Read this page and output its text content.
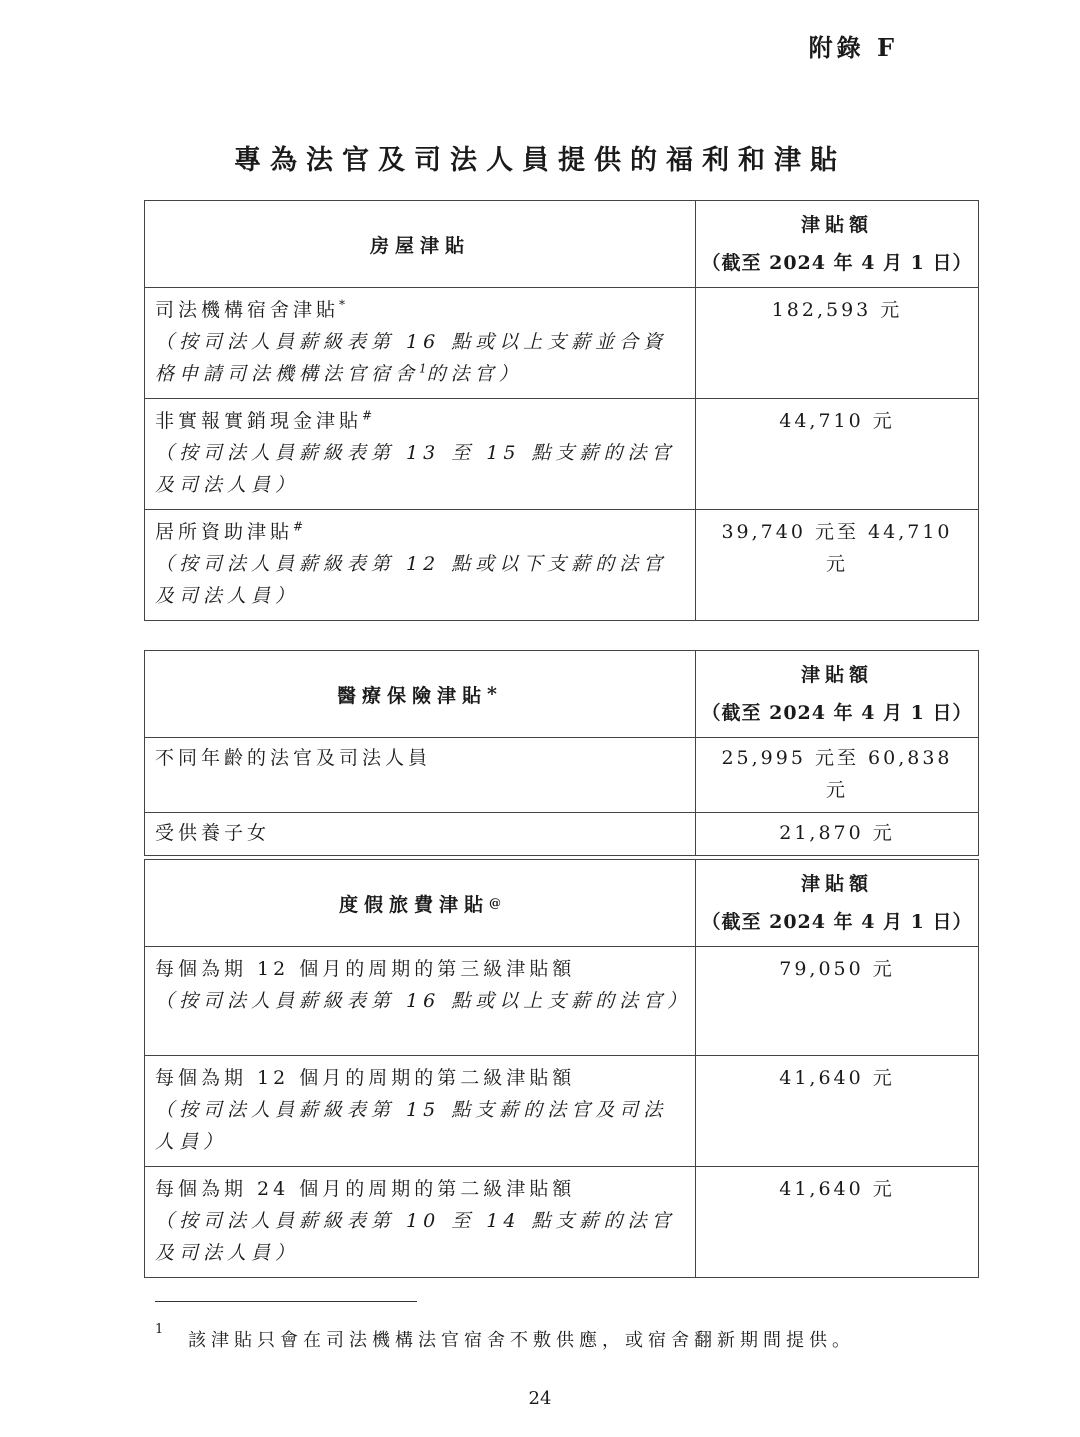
附錄 F
專為法官及司法人員提供的福利和津貼
房屋津貼	津貼額
（截至 2024 年 4 月 1 日）

司法機構宿舍津貼*
（按司法人員薪級表第 16 點或以上支薪並合資格申請司法機構法官宿舍$^1$的法官）	182,593 元

非實報實銷現金津貼#
（按司法人員薪級表第 13 至 15 點支薪的法官及司法人員）	44,710 元

居所資助津貼#
（按司法人員薪級表第 12 點或以下支薪的法官及司法人員）	39,740 元至 44,710 元
醫療保險津貼 *	津貼額
（截至 2024 年 4 月 1 日）

不同年齡的法官及司法人員	25,995 元至 60,838 元

受供養子女	21,870 元
度假旅費津貼 @	津貼額
（截至 2024 年 4 月 1 日）

每個為期 12 個月的周期的第三級津貼額
（按司法人員薪級表第 16 點或以上支薪的法官）	79,050 元

每個為期 12 個月的周期的第二級津貼額
（按司法人員薪級表第 15 點支薪的法官及司法人員）	41,640 元

每個為期 24 個月的周期的第二級津貼額
（按司法人員薪級表第 10 至 14 點支薪的法官及司法人員）	41,640 元
1
該津貼只會在司法機構法官宿舍不敷供應，或宿舍翻新期間提供。
24
